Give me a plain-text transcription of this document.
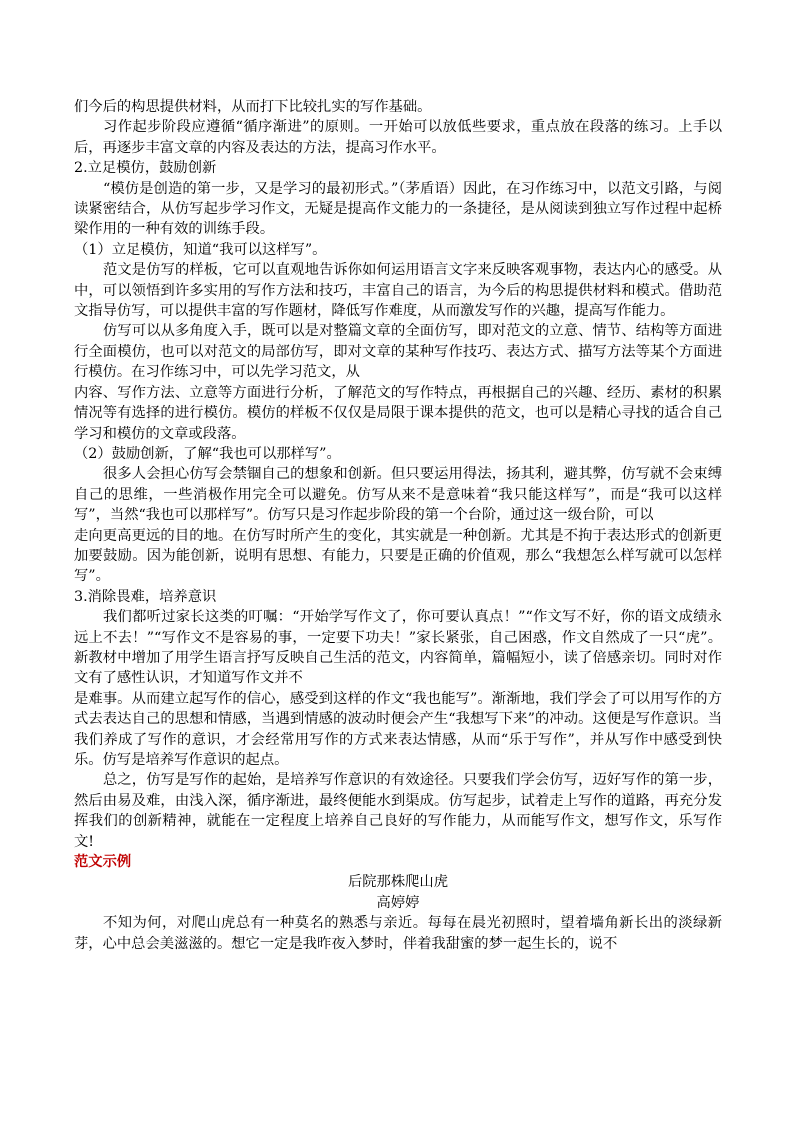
们今后的构思提供材料，从而打下比较扎实的写作基础。
习作起步阶段应遵循“循序渐进”的原则。一开始可以放低些要求，重点放在段落的练习。上手以后，再逐步丰富文章的内容及表达的方法，提高习作水平。
2.立足模仿，鼓励创新
“模仿是创造的第一步，又是学习的最初形式。”（茅盾语）因此，在习作练习中，以范文引路，与阅读紧密结合，从仿写起步学习作文，无疑是提高作文能力的一条捷径，是从阅读到独立写作过程中起桥梁作用的一种有效的训练手段。
（1）立足模仿，知道“我可以这样写”。
范文是仿写的样板，它可以直观地告诉你如何运用语言文字来反映客观事物，表达内心的感受。从中，可以领悟到许多实用的写作方法和技巧，丰富自己的语言，为今后的构思提供材料和模式。借助范文指导仿写，可以提供丰富的写作题材，降低写作难度，从而激发写作的兴趣，提高写作能力。
仿写可以从多角度入手，既可以是对整篇文章的全面仿写，即对范文的立意、情节、结构等方面进行全面模仿，也可以对范文的局部仿写，即对文章的某种写作技巧、表达方式、描写方法等某个方面进行模仿。在习作练习中，可以先学习范文，从
内容、写作方法、立意等方面进行分析，了解范文的写作特点，再根据自己的兴趣、经历、素材的积累情况等有选择的进行模仿。模仿的样板不仅仅是局限于课本提供的范文，也可以是精心寻找的适合自己学习和模仿的文章或段落。
（2）鼓励创新，了解“我也可以那样写”。
很多人会担心仿写会禁锢自己的想象和创新。但只要运用得法，扬其利，避其弊，仿写就不会束缚自己的思维，一些消极作用完全可以避免。仿写从来不是意味着“我只能这样写”，而是“我可以这样写”，当然“我也可以那样写”。仿写只是习作起步阶段的第一个台阶，通过这一级台阶，可以
走向更高更远的目的地。在仿写时所产生的变化，其实就是一种创新。尤其是不拘于表达形式的创新更加要鼓励。因为能创新，说明有思想、有能力，只要是正确的价值观，那么“我想怎么样写就可以怎样写”。
3.消除畏难，培养意识
我们都听过家长这类的叮嘱：“开始学写作文了，你可要认真点！”“作文写不好，你的语文成绩永远上不去！”“写作文不是容易的事，一定要下功夫！”家长紧张，自己困惑，作文自然成了一只“虎”。新教材中增加了用学生语言抒写反映自己生活的范文，内容简单，篇幅短小，读了倍感亲切。同时对作文有了感性认识，才知道写作文并不
是难事。从而建立起写作的信心，感受到这样的作文“我也能写”。渐渐地，我们学会了可以用写作的方式去表达自己的思想和情感，当遇到情感的波动时便会产生“我想写下来”的冲动。这便是写作意识。当我们养成了写作的意识，才会经常用写作的方式来表达情感，从而“乐于写作”，并从写作中感受到快乐。仿写是培养写作意识的起点。
总之，仿写是写作的起始，是培养写作意识的有效途径。只要我们学会仿写，迈好写作的第一步，然后由易及难，由浅入深，循序渐进，最终便能水到渠成。仿写起步，试着走上写作的道路，再充分发挥我们的创新精神，就能在一定程度上培养自己良好的写作能力，从而能写作文，想写作文，乐写作文!
范文示例
后院那株爬山虎
高婷婷
不知为何，对爬山虎总有一种莫名的熟悉与亲近。每每在晨光初照时，望着墙角新长出的淡绿新芽，心中总会美滋滋的。想它一定是我昨夜入梦时，伴着我甜蜜的梦一起生长的，说不
